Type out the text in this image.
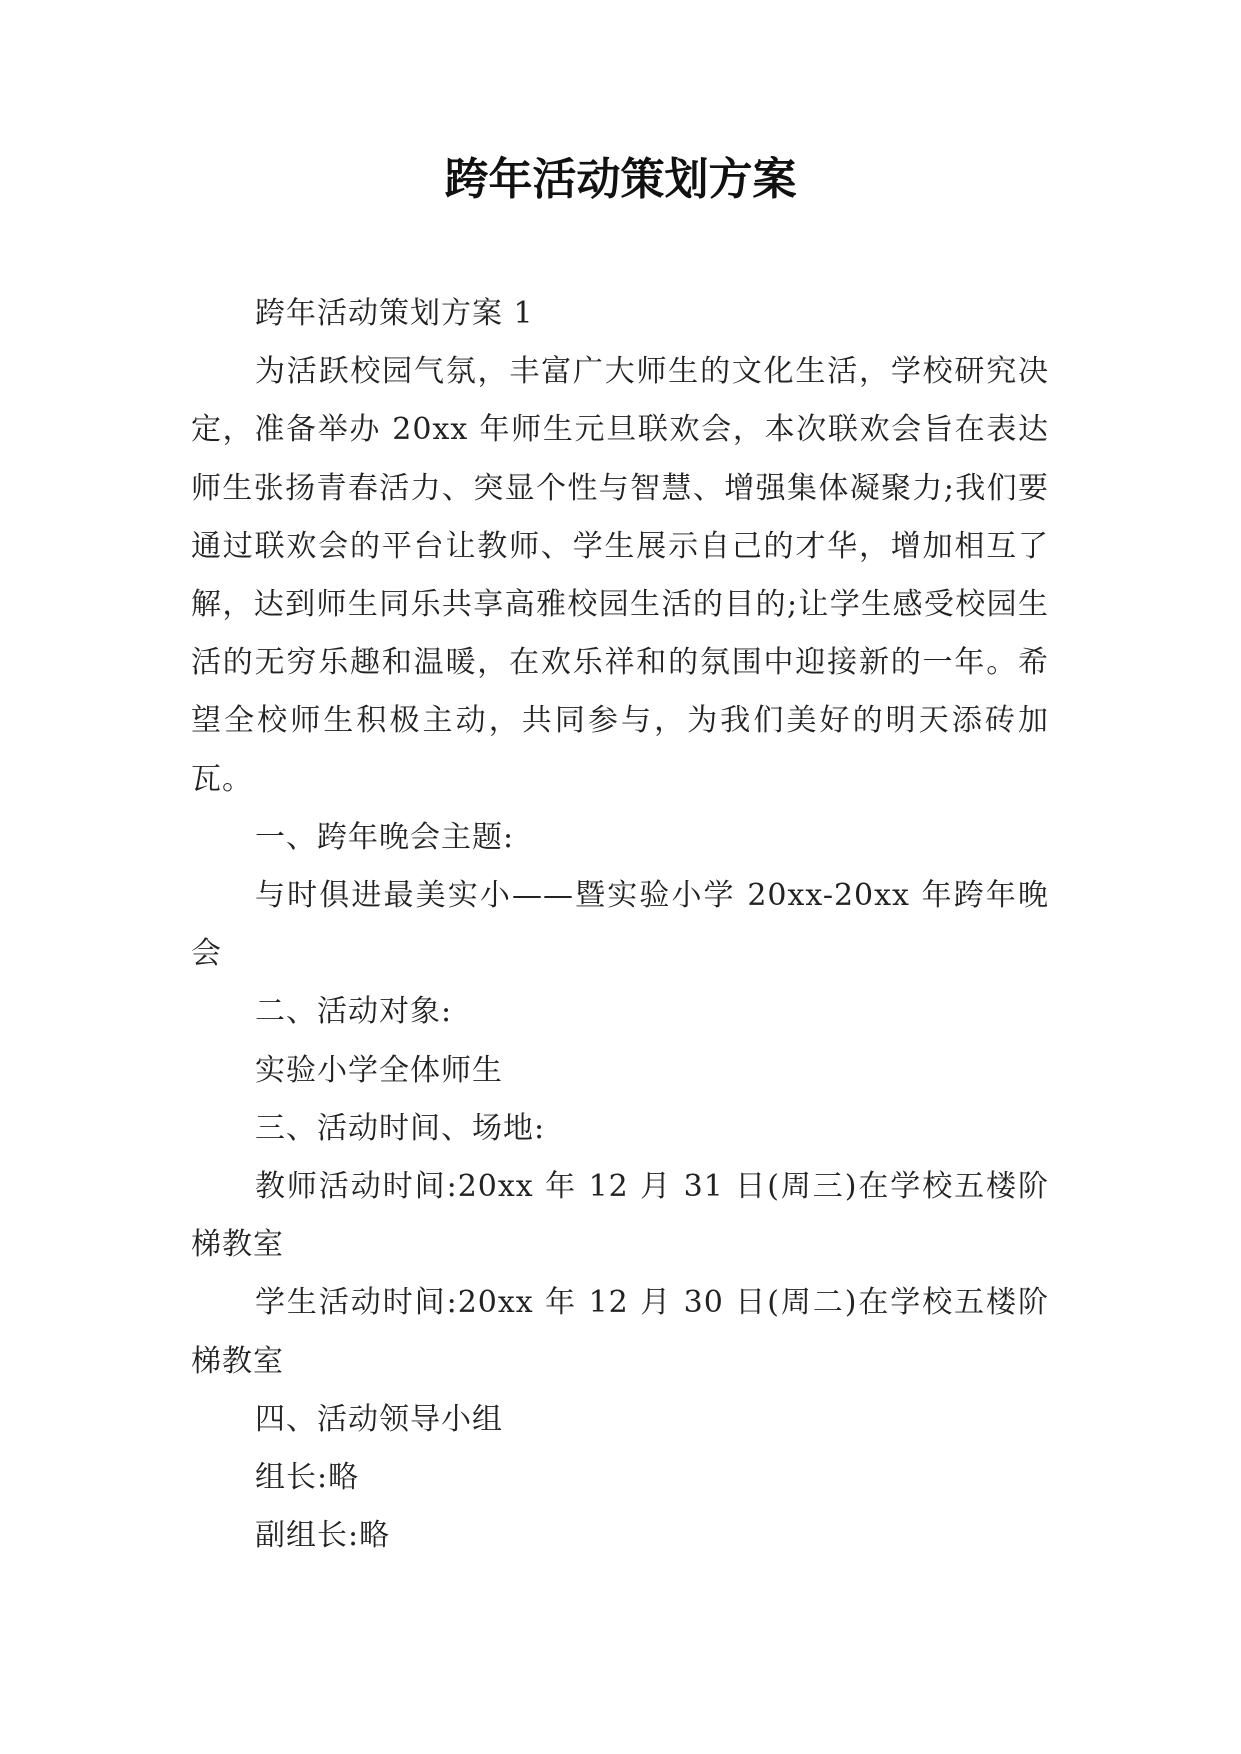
跨年活动策划方案

跨年活动策划方案 1

为活跃校园气氛，丰富广大师生的文化生活，学校研究决定，准备举办 20xx 年师生元旦联欢会，本次联欢会旨在表达师生张扬青春活力、突显个性与智慧、增强集体凝聚力;我们要通过联欢会的平台让教师、学生展示自己的才华，增加相互了解，达到师生同乐共享高雅校园生活的目的;让学生感受校园生活的无穷乐趣和温暖，在欢乐祥和的氛围中迎接新的一年。希望全校师生积极主动，共同参与，为我们美好的明天添砖加瓦。

一、跨年晚会主题:

与时俱进最美实小——暨实验小学 20xx-20xx 年跨年晚会

二、活动对象:

实验小学全体师生

三、活动时间、场地:

教师活动时间:20xx 年 12 月 31 日(周三)在学校五楼阶梯教室

学生活动时间:20xx 年 12 月 30 日(周二)在学校五楼阶梯教室

四、活动领导小组

组长:略

副组长:略
